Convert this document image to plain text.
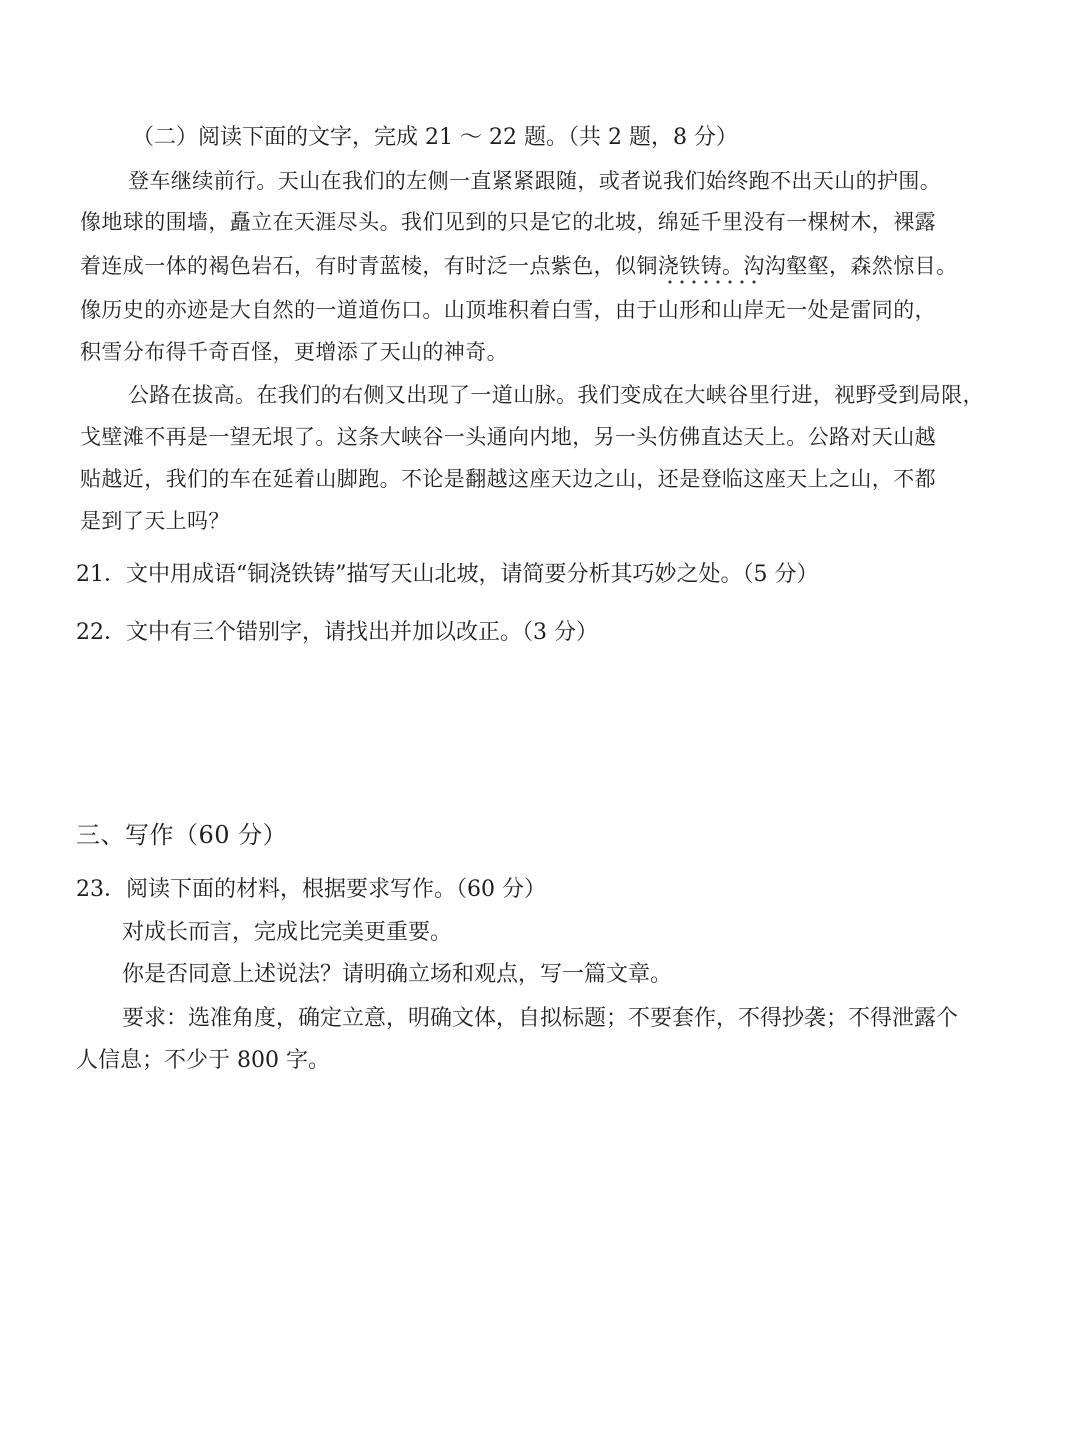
（二）阅读下面的文字，完成 21 ～ 22 题。（共 2 题，8 分）

登车继续前行。天山在我们的左侧一直紧紧跟随，或者说我们始终跑不出天山的护围。

像地球的围墙，矗立在天涯尽头。我们见到的只是它的北坡，绵延千里没有一棵树木，裸露

着连成一体的褐色岩石，有时青蓝棱，有时泛一点紫色，似铜浇铁铸。沟沟壑壑，森然惊目。

像历史的亦迹是大自然的一道道伤口。山顶堆积着白雪，由于山形和山岸无一处是雷同的，

积雪分布得千奇百怪，更增添了天山的神奇。

公路在拔高。在我们的右侧又出现了一道山脉。我们变成在大峡谷里行进，视野受到局限，

戈壁滩不再是一望无垠了。这条大峡谷一头通向内地，另一头仿佛直达天上。公路对天山越

贴越近，我们的车在延着山脚跑。不论是翻越这座天边之山，还是登临这座天上之山，不都

是到了天上吗？

21．文中用成语“铜浇铁铸”描写天山北坡，请简要分析其巧妙之处。（5 分）

22．文中有三个错别字，请找出并加以改正。（3 分）

三、写作（60 分）

23．阅读下面的材料，根据要求写作。（60 分）

对成长而言，完成比完美更重要。

你是否同意上述说法？请明确立场和观点，写一篇文章。

要求：选准角度，确定立意，明确文体，自拟标题；不要套作，不得抄袭；不得泄露个

人信息；不少于 800 字。
